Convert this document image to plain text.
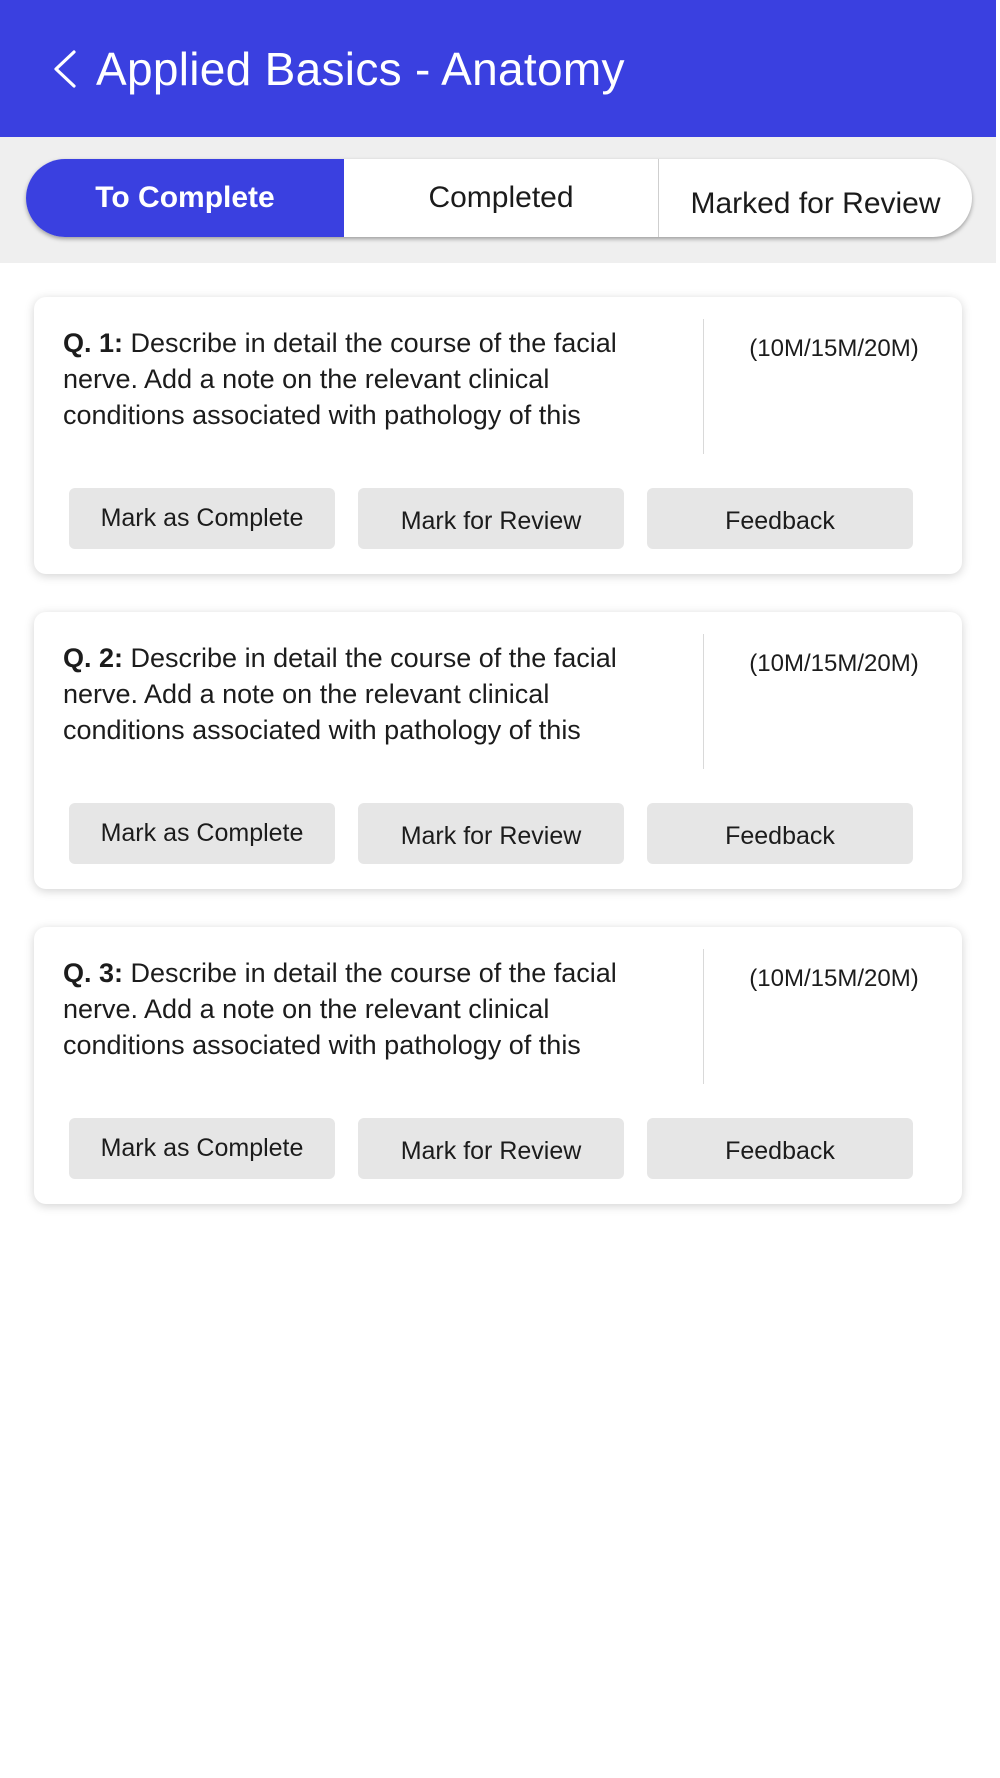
Applied Basics - Anatomy
To Complete	Completed	Marked for Review
Q. 1: Describe in detail the course of the facial nerve. Add a note on the relevant clinical conditions associated with pathology of this
(10M/15M/20M)
Mark as Complete	Mark for Review	Feedback
Q. 2: Describe in detail the course of the facial nerve. Add a note on the relevant clinical conditions associated with pathology of this
(10M/15M/20M)
Mark as Complete	Mark for Review	Feedback
Q. 3: Describe in detail the course of the facial nerve. Add a note on the relevant clinical conditions associated with pathology of this
(10M/15M/20M)
Mark as Complete	Mark for Review	Feedback
